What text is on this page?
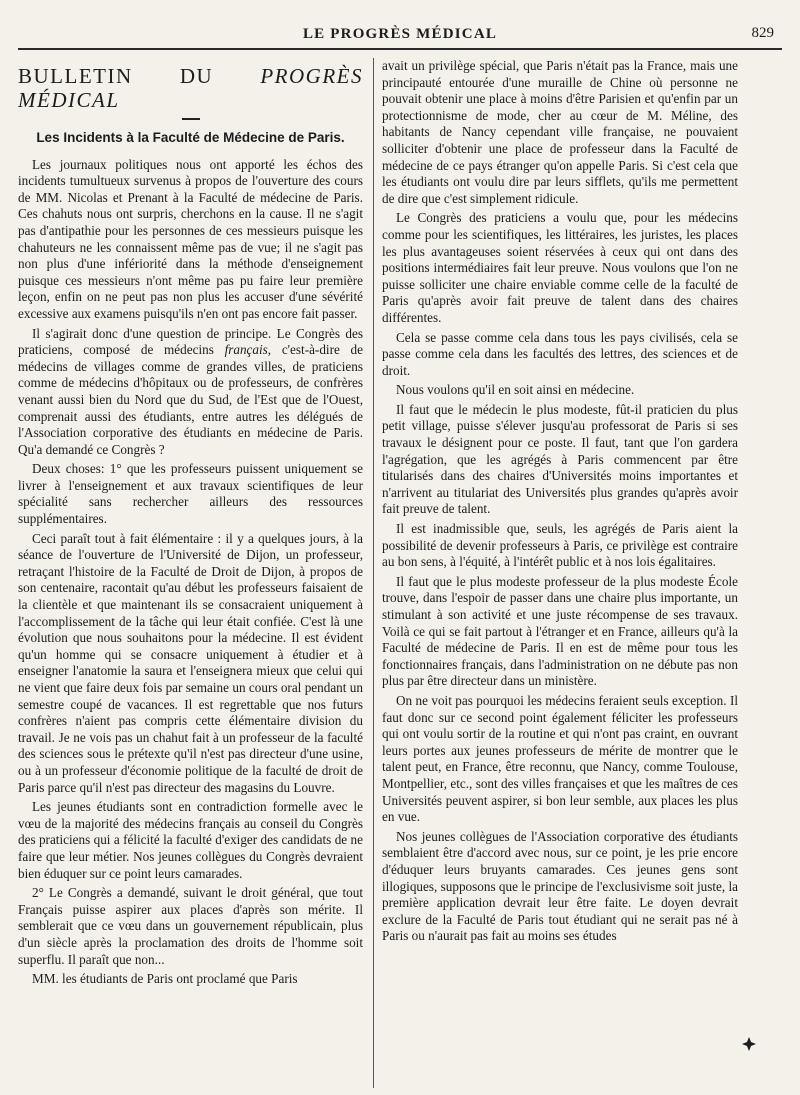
LE PROGRÈS MÉDICAL	829
BULLETIN DU PROGRÈS MÉDICAL
Les Incidents à la Faculté de Médecine de Paris.

Les journaux politiques nous ont apporté les échos des incidents tumultueux survenus à propos de l'ouverture des cours de MM. Nicolas et Prenant à la Faculté de médecine de Paris. Ces chahuts nous ont surpris, cherchons en la cause. Il ne s'agit pas d'antipathie pour les personnes de ces messieurs puisque les chahuteurs ne les connaissent même pas de vue; il ne s'agit pas non plus d'une infériorité dans la méthode d'enseignement puisque ces messieurs n'ont même pas pu faire leur première leçon, enfin on ne peut pas non plus les accuser d'une sévérité excessive aux examens puisqu'ils n'en ont pas encore fait passer.

Il s'agirait donc d'une question de principe. Le Congrès des praticiens, composé de médecins français, c'est-à-dire de médecins de villages comme de grandes villes, de praticiens comme de médecins d'hôpitaux ou de professeurs, de confrères venant aussi bien du Nord que du Sud, de l'Est que de l'Ouest, comprenait aussi des étudiants, entre autres les délégués de l'Association corporative des étudiants en médecine de Paris. Qu'a demandé ce Congrès ?

Deux choses: 1° que les professeurs puissent uniquement se livrer à l'enseignement et aux travaux scientifiques de leur spécialité sans rechercher ailleurs des ressources supplémentaires.

Ceci paraît tout à fait élémentaire : il y a quelques jours, à la séance de l'ouverture de l'Université de Dijon, un professeur, retraçant l'histoire de la Faculté de Droit de Dijon, à propos de son centenaire, racontait qu'au début les professeurs faisaient de la clientèle et que maintenant ils se consacraient uniquement à l'accomplissement de la tâche qui leur était confiée. C'est là une évolution que nous souhaitons pour la médecine. Il est évident qu'un homme qui se consacre uniquement à étudier et à enseigner l'anatomie la saura et l'enseignera mieux que celui qui ne vient que faire deux fois par semaine un cours oral pendant un semestre coupé de vacances. Il est regrettable que nos futurs confrères n'aient pas compris cette élémentaire division du travail. Je ne vois pas un chahut fait à un professeur de la faculté des sciences sous le prétexte qu'il n'est pas directeur d'une usine, ou à un professeur d'économie politique de la faculté de droit de Paris parce qu'il n'est pas directeur des magasins du Louvre.

Les jeunes étudiants sont en contradiction formelle avec le vœu de la majorité des médecins français au conseil du Congrès des praticiens qui a félicité la faculté d'exiger des candidats de ne faire que leur métier. Nos jeunes collègues du Congrès devraient bien éduquer sur ce point leurs camarades.

2° Le Congrès a demandé, suivant le droit général, que tout Français puisse aspirer aux places d'après son mérite. Il semblerait que ce vœu dans un gouvernement républicain, plus d'un siècle après la proclamation des droits de l'homme soit superflu. Il paraît que non...

MM. les étudiants de Paris ont proclamé que Paris

avait un privilège spécial, que Paris n'était pas la France, mais une principauté entourée d'une muraille de Chine où personne ne pouvait obtenir une place à moins d'être Parisien et qu'enfin par un protectionnisme de mode, cher au cœur de M. Méline, des habitants de Nancy cependant ville française, ne pouvaient solliciter d'obtenir une place de professeur dans la Faculté de médecine de ce pays étranger qu'on appelle Paris. Si c'est cela que les étudiants ont voulu dire par leurs sifflets, qu'ils me permettent de dire que c'est simplement ridicule.

Le Congrès des praticiens a voulu que, pour les médecins comme pour les scientifiques, les littéraires, les juristes, les places les plus avantageuses soient réservées à ceux qui ont dans des positions intermédiaires fait leur preuve. Nous voulons que l'on ne puisse solliciter une chaire enviable comme celle de la faculté de Paris qu'après avoir fait preuve de talent dans des chaires différentes.

Cela se passe comme cela dans tous les pays civilisés, cela se passe comme cela dans les facultés des lettres, des sciences et de droit.

Nous voulons qu'il en soit ainsi en médecine.

Il faut que le médecin le plus modeste, fût-il praticien du plus petit village, puisse s'élever jusqu'au professorat de Paris si ses travaux le désignent pour ce poste. Il faut, tant que l'on gardera l'agrégation, que les agrégés à Paris commencent par être titularisés dans des chaires d'Universités moins importantes et n'arrivent au titulariat des Universités plus grandes qu'après avoir fait preuve de talent.

Il est inadmissible que, seuls, les agrégés de Paris aient la possibilité de devenir professeurs à Paris, ce privilège est contraire au bon sens, à l'équité, à l'intérêt public et à nos lois égalitaires.

Il faut que le plus modeste professeur de la plus modeste École trouve, dans l'espoir de passer dans une chaire plus importante, un stimulant à son activité et une juste récompense de ses travaux. Voilà ce qui se fait partout à l'étranger et en France, ailleurs qu'à la Faculté de médecine de Paris. Il en est de même pour tous les fonctionnaires français, dans l'administration on ne débute pas non plus par être directeur dans un ministère.

On ne voit pas pourquoi les médecins feraient seuls exception. Il faut donc sur ce second point également féliciter les professeurs qui ont voulu sortir de la routine et qui n'ont pas craint, en ouvrant leurs portes aux jeunes professeurs de mérite de montrer que le talent peut, en France, être reconnu, que Nancy, comme Toulouse, Montpellier, etc., sont des villes françaises et que les maîtres de ces Universités peuvent aspirer, si bon leur semble, aux places les plus en vue.

Nos jeunes collègues de l'Association corporative des étudiants semblaient être d'accord avec nous, sur ce point, je les prie encore d'éduquer leurs bruyants camarades. Ces jeunes gens sont illogiques, supposons que le principe de l'exclusivisme soit juste, la première application devrait leur être faite. Le doyen devrait exclure de la Faculté de Paris tout étudiant qui ne serait pas né à Paris ou n'aurait pas fait au moins ses études
